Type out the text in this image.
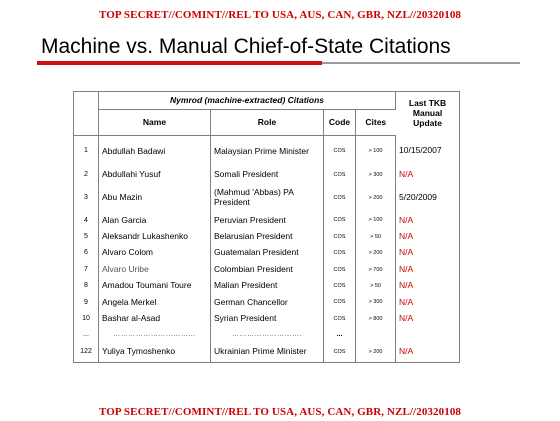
TOP SECRET//COMINT//REL TO USA, AUS, CAN, GBR, NZL//20320108
Machine vs. Manual Chief-of-State Citations
	Nymrod (machine-extracted) Citations				Last TKB Manual Update
	Name	Role	Code	Cites	
1	Abdullah Badawi	Malaysian Prime Minister	COS	> 100	10/15/2007
2	Abdullahi Yusuf	Somali President	COS	> 300	N/A
3	Abu Mazin	(Mahmud 'Abbas) PA President	COS	> 200	5/20/2009
4	Alan Garcia	Peruvian President	COS	> 100	N/A
5	Aleksandr Lukashenko	Belarusian President	COS	> 50	N/A
6	Alvaro Colom	Guatemalan President	COS	> 200	N/A
7	Alvaro Uribe	Colombian President	COS	> 700	N/A
8	Amadou Toumani Toure	Malian President	COS	> 50	N/A
9	Angela Merkel	German Chancellor	COS	> 300	N/A
10	Bashar al-Asad	Syrian President	COS	> 800	N/A
...	……………………………	……………………….	...		
122	Yuliya Tymoshenko	Ukrainian Prime Minister	COS	> 200	N/A
TOP SECRET//COMINT//REL TO USA, AUS, CAN, GBR, NZL//20320108
